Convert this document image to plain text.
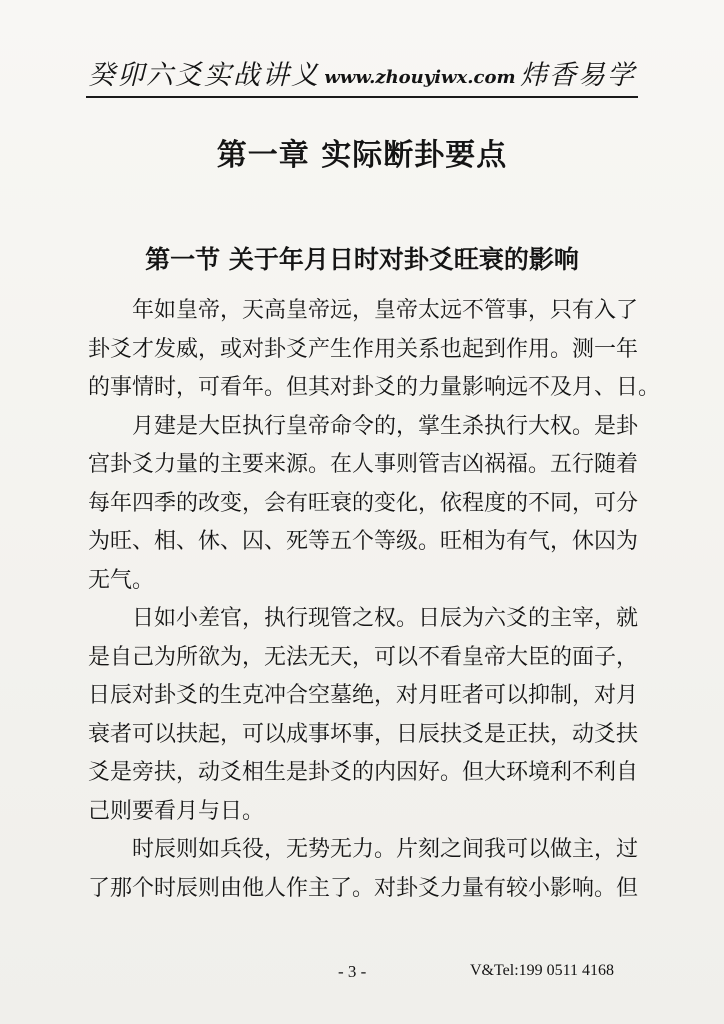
癸卯六爻实战讲义 www.zhouyiwx.com 炜香易学
第一章 实际断卦要点
第一节 关于年月日时对卦爻旺衰的影响
年如皇帝，天高皇帝远，皇帝太远不管事，只有入了
卦爻才发威，或对卦爻产生作用关系也起到作用。测一年
的事情时，可看年。但其对卦爻的力量影响远不及月、日。
月建是大臣执行皇帝命令的，掌生杀执行大权。是卦
宫卦爻力量的主要来源。在人事则管吉凶祸福。五行随着
每年四季的改变，会有旺衰的变化，依程度的不同，可分
为旺、相、休、囚、死等五个等级。旺相为有气，休囚为
无气。
日如小差官，执行现管之权。日辰为六爻的主宰，就
是自己为所欲为，无法无天，可以不看皇帝大臣的面子，
日辰对卦爻的生克冲合空墓绝，对月旺者可以抑制，对月
衰者可以扶起，可以成事坏事，日辰扶爻是正扶，动爻扶
爻是旁扶，动爻相生是卦爻的内因好。但大环境利不利自
己则要看月与日。
时辰则如兵役，无势无力。片刻之间我可以做主，过
了那个时辰则由他人作主了。对卦爻力量有较小影响。但
- 3 -	V&Tel:199 0511 4168
